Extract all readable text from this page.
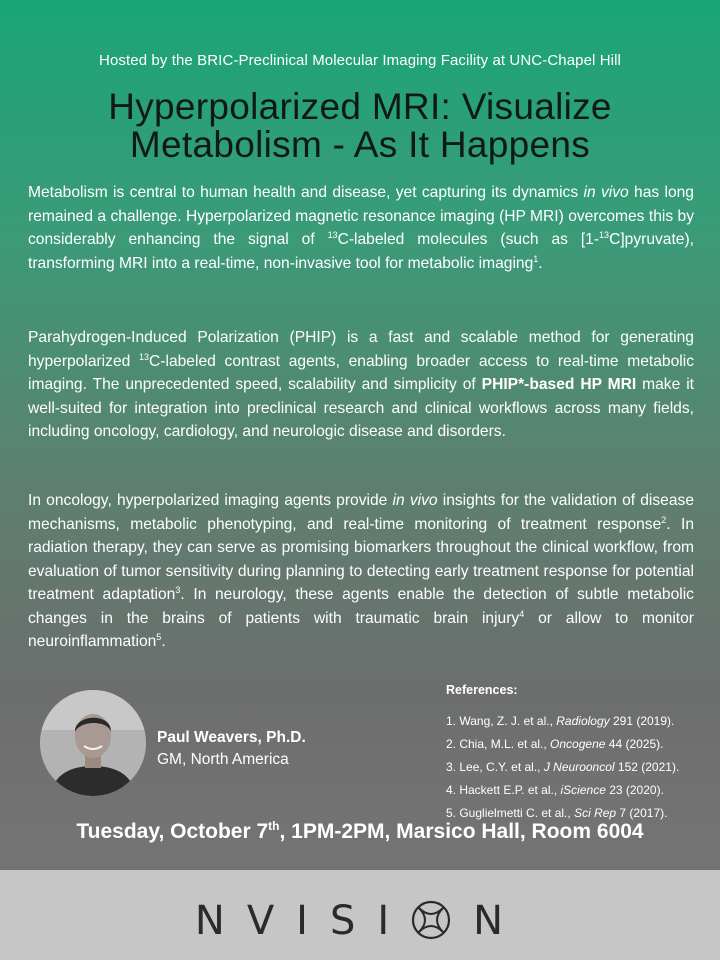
Hosted by the BRIC-Preclinical Molecular Imaging Facility at UNC-Chapel Hill
Hyperpolarized MRI: Visualize
Metabolism - As It Happens
Metabolism is central to human health and disease, yet capturing its dynamics in vivo has long remained a challenge. Hyperpolarized magnetic resonance imaging (HP MRI) overcomes this by considerably enhancing the signal of $^{13}$C-labeled molecules (such as [1-$^{13}$C]pyruvate), transforming MRI into a real-time, non-invasive tool for metabolic imaging$^1$.
Parahydrogen-Induced Polarization (PHIP) is a fast and scalable method for generating hyperpolarized $^{13}$C-labeled contrast agents, enabling broader access to real-time metabolic imaging. The unprecedented speed, scalability and simplicity of PHIP*-based HP MRI make it well-suited for integration into preclinical research and clinical workflows across many fields, including oncology, cardiology, and neurologic disease and disorders.
In oncology, hyperpolarized imaging agents provide in vivo insights for the validation of disease mechanisms, metabolic phenotyping, and real-time monitoring of treatment response$^2$. In radiation therapy, they can serve as promising biomarkers throughout the clinical workflow, from evaluation of tumor sensitivity during planning to detecting early treatment response for potential treatment adaptation$^3$. In neurology, these agents enable the detection of subtle metabolic changes in the brains of patients with traumatic brain injury$^4$ or allow to monitor neuroinflammation$^5$.
Paul Weavers, Ph.D.
GM, North America
References:
1. Wang, Z. J. et al., Radiology 291 (2019).
2. Chia, M.L. et al., Oncogene 44 (2025).
3. Lee, C.Y. et al., J Neurooncol 152 (2021).
4. Hackett E.P. et al., iScience 23 (2020).
5. Guglielmetti C. et al., Sci Rep 7 (2017).
Tuesday, October 7th, 1PM-2PM, Marsico Hall, Room 6004
NVISI N
